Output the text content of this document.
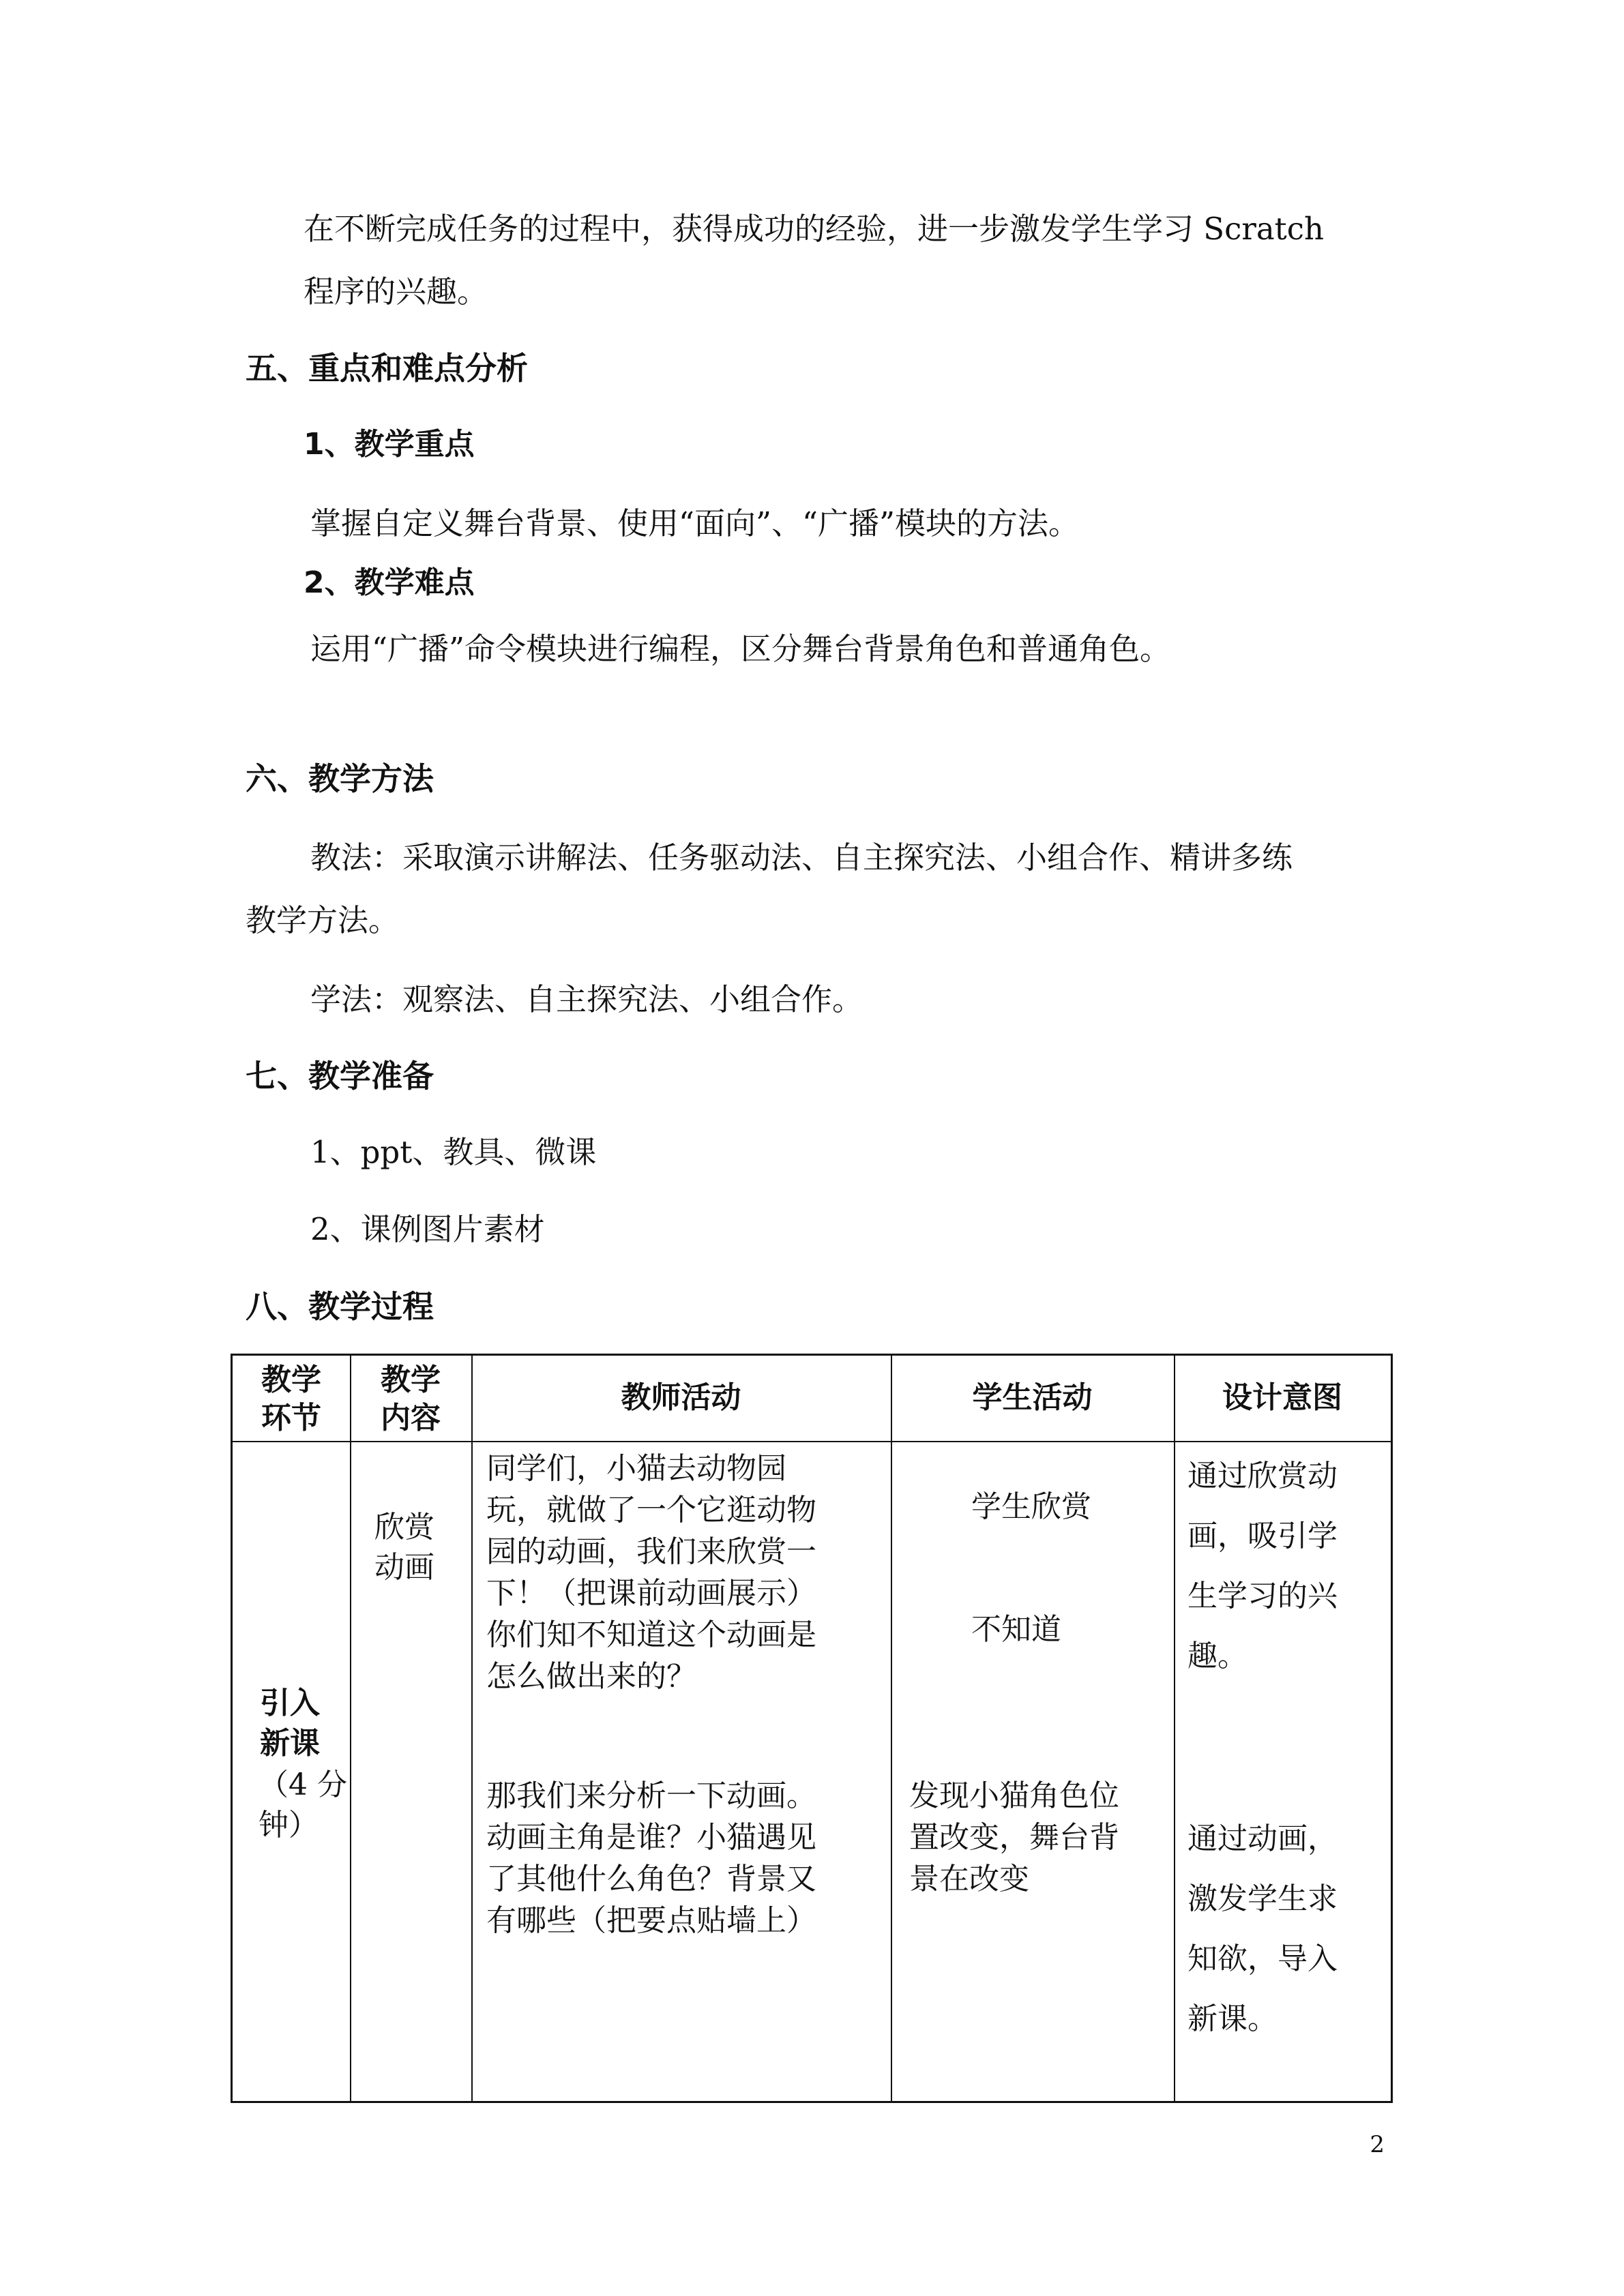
在不断完成任务的过程中，获得成功的经验，进一步激发学生学习 Scratch

程序的兴趣。

五、重点和难点分析

1、教学重点

掌握自定义舞台背景、使用“面向”、“广播”模块的方法。

2、教学难点

运用“广播”命令模块进行编程，区分舞台背景角色和普通角色。

六、教学方法

教法：采取演示讲解法、任务驱动法、自主探究法、小组合作、精讲多练

教学方法。

学法：观察法、自主探究法、小组合作。

七、教学准备

1、ppt、教具、微课

2、课例图片素材

八、教学过程

教学
环节

教学
内容

教师活动	学生活动	设计意图

引入
新课

（4 分
钟）

欣赏
动画

同学们，小猫去动物园
玩，就做了一个它逛动物
园的动画，我们来欣赏一
下！（把课前动画展示）
你们知不知道这个动画是
怎么做出来的？

那我们来分析一下动画。
动画主角是谁？小猫遇见
了其他什么角色？背景又
有哪些（把要点贴墙上）

学生欣赏

不知道

发现小猫角色位
置改变，舞台背
景在改变

通过欣赏动
画，吸引学
生学习的兴
趣。

通过动画，
激发学生求
知欲，导入
新课。

2
